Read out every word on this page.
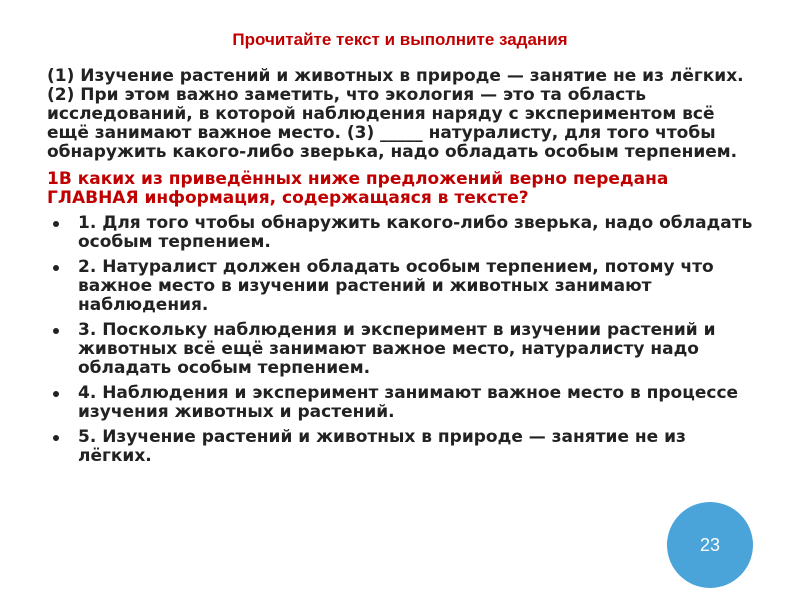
Прочитайте текст и выполните задания

(1) Изучение растений и животных в природе — занятие не из лёгких. (2) При этом важно заметить, что экология — это та область исследований, в которой наблюдения наряду с экспериментом всё ещё занимают важное место. (3) _____ натуралисту, для того чтобы обнаружить какого-либо зверька, надо обладать особым терпением.

1В каких из приведённых ниже предложений верно передана ГЛАВНАЯ информация, содержащаяся в тексте?

1. Для того чтобы обнаружить какого-либо зверька, надо обладать особым терпением.
2. Натуралист должен обладать особым терпением, потому что важное место в изучении растений и животных занимают наблюдения.
3. Поскольку наблюдения и эксперимент в изучении растений и животных всё ещё занимают важное место, натуралисту надо обладать особым терпением.
4. Наблюдения и эксперимент занимают важное место в процессе изучения животных и растений.
5. Изучение растений и животных в природе — занятие не из лёгких.
23
